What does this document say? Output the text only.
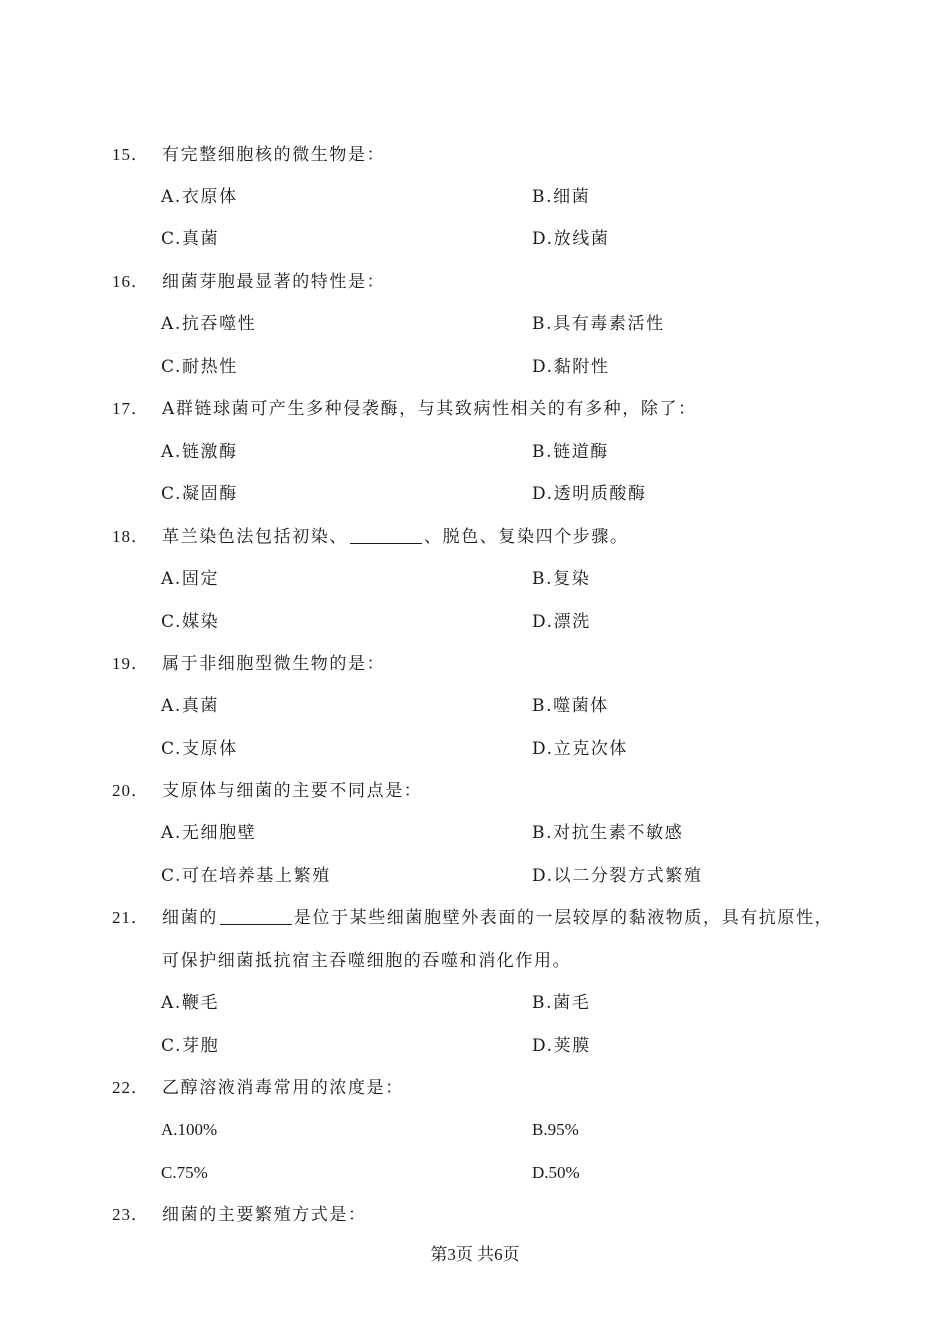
15． 有完整细胞核的微生物是：
A.衣原体	B.细菌
C.真菌	D.放线菌
16． 细菌芽胞最显著的特性是：
A.抗吞噬性	B.具有毒素活性
C.耐热性	D.黏附性
17． A群链球菌可产生多种侵袭酶，与其致病性相关的有多种，除了：
A.链激酶	B.链道酶
C.凝固酶	D.透明质酸酶
18． 革兰染色法包括初染、	、脱色、复染四个步骤。
A.固定	B.复染
C.媒染	D.漂洗
19． 属于非细胞型微生物的是：
A.真菌	B.噬菌体
C.支原体	D.立克次体
20． 支原体与细菌的主要不同点是：
A.无细胞壁	B.对抗生素不敏感
C.可在培养基上繁殖	D.以二分裂方式繁殖
21． 细菌的	是位于某些细菌胞壁外表面的一层较厚的黏液物质，具有抗原性，
可保护细菌抵抗宿主吞噬细胞的吞噬和消化作用。
A.鞭毛	B.菌毛
C.芽胞	D.荚膜
22． 乙醇溶液消毒常用的浓度是：
A.100%	B.95%
C.75%	D.50%
23． 细菌的主要繁殖方式是：
第3页 共6页
